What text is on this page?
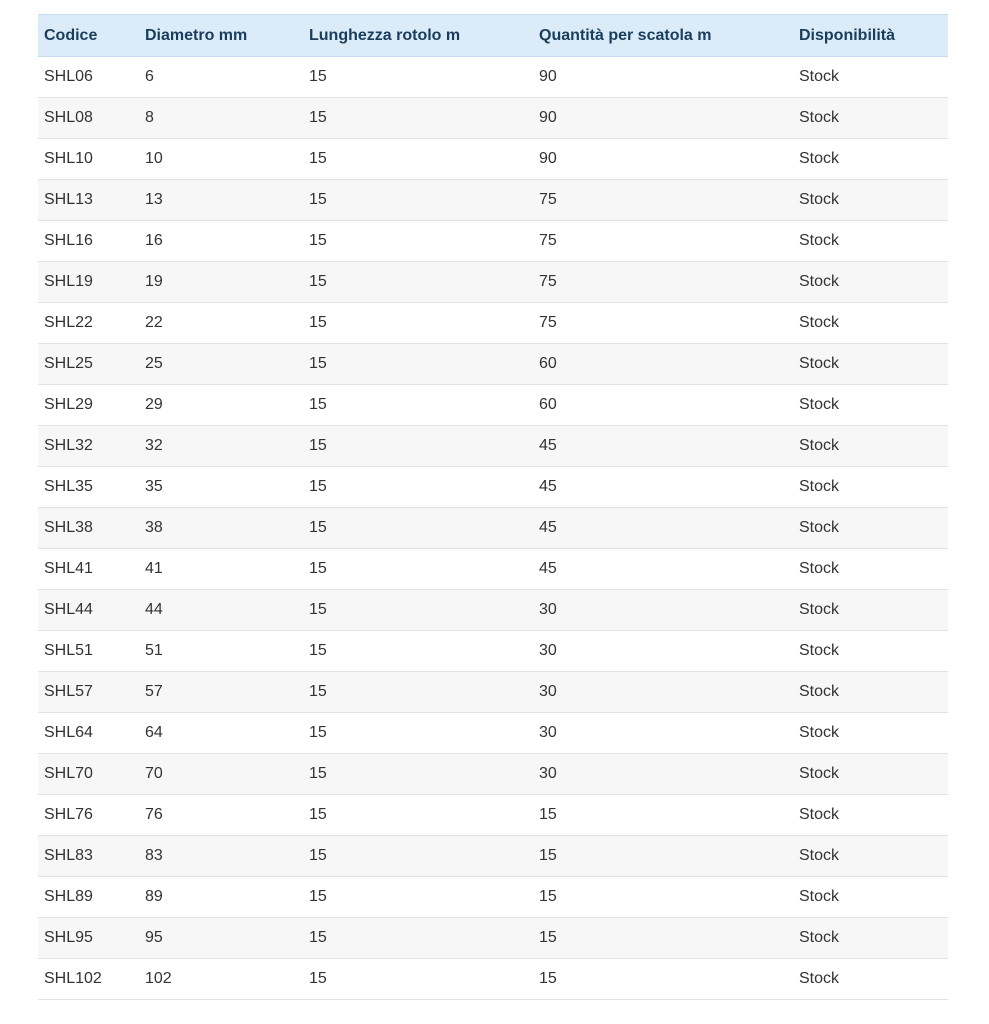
Codice	Diametro mm	Lunghezza rotolo m	Quantità per scatola m	Disponibilità
SHL06	6	15	90	Stock
SHL08	8	15	90	Stock
SHL10	10	15	90	Stock
SHL13	13	15	75	Stock
SHL16	16	15	75	Stock
SHL19	19	15	75	Stock
SHL22	22	15	75	Stock
SHL25	25	15	60	Stock
SHL29	29	15	60	Stock
SHL32	32	15	45	Stock
SHL35	35	15	45	Stock
SHL38	38	15	45	Stock
SHL41	41	15	45	Stock
SHL44	44	15	30	Stock
SHL51	51	15	30	Stock
SHL57	57	15	30	Stock
SHL64	64	15	30	Stock
SHL70	70	15	30	Stock
SHL76	76	15	15	Stock
SHL83	83	15	15	Stock
SHL89	89	15	15	Stock
SHL95	95	15	15	Stock
SHL102	102	15	15	Stock
